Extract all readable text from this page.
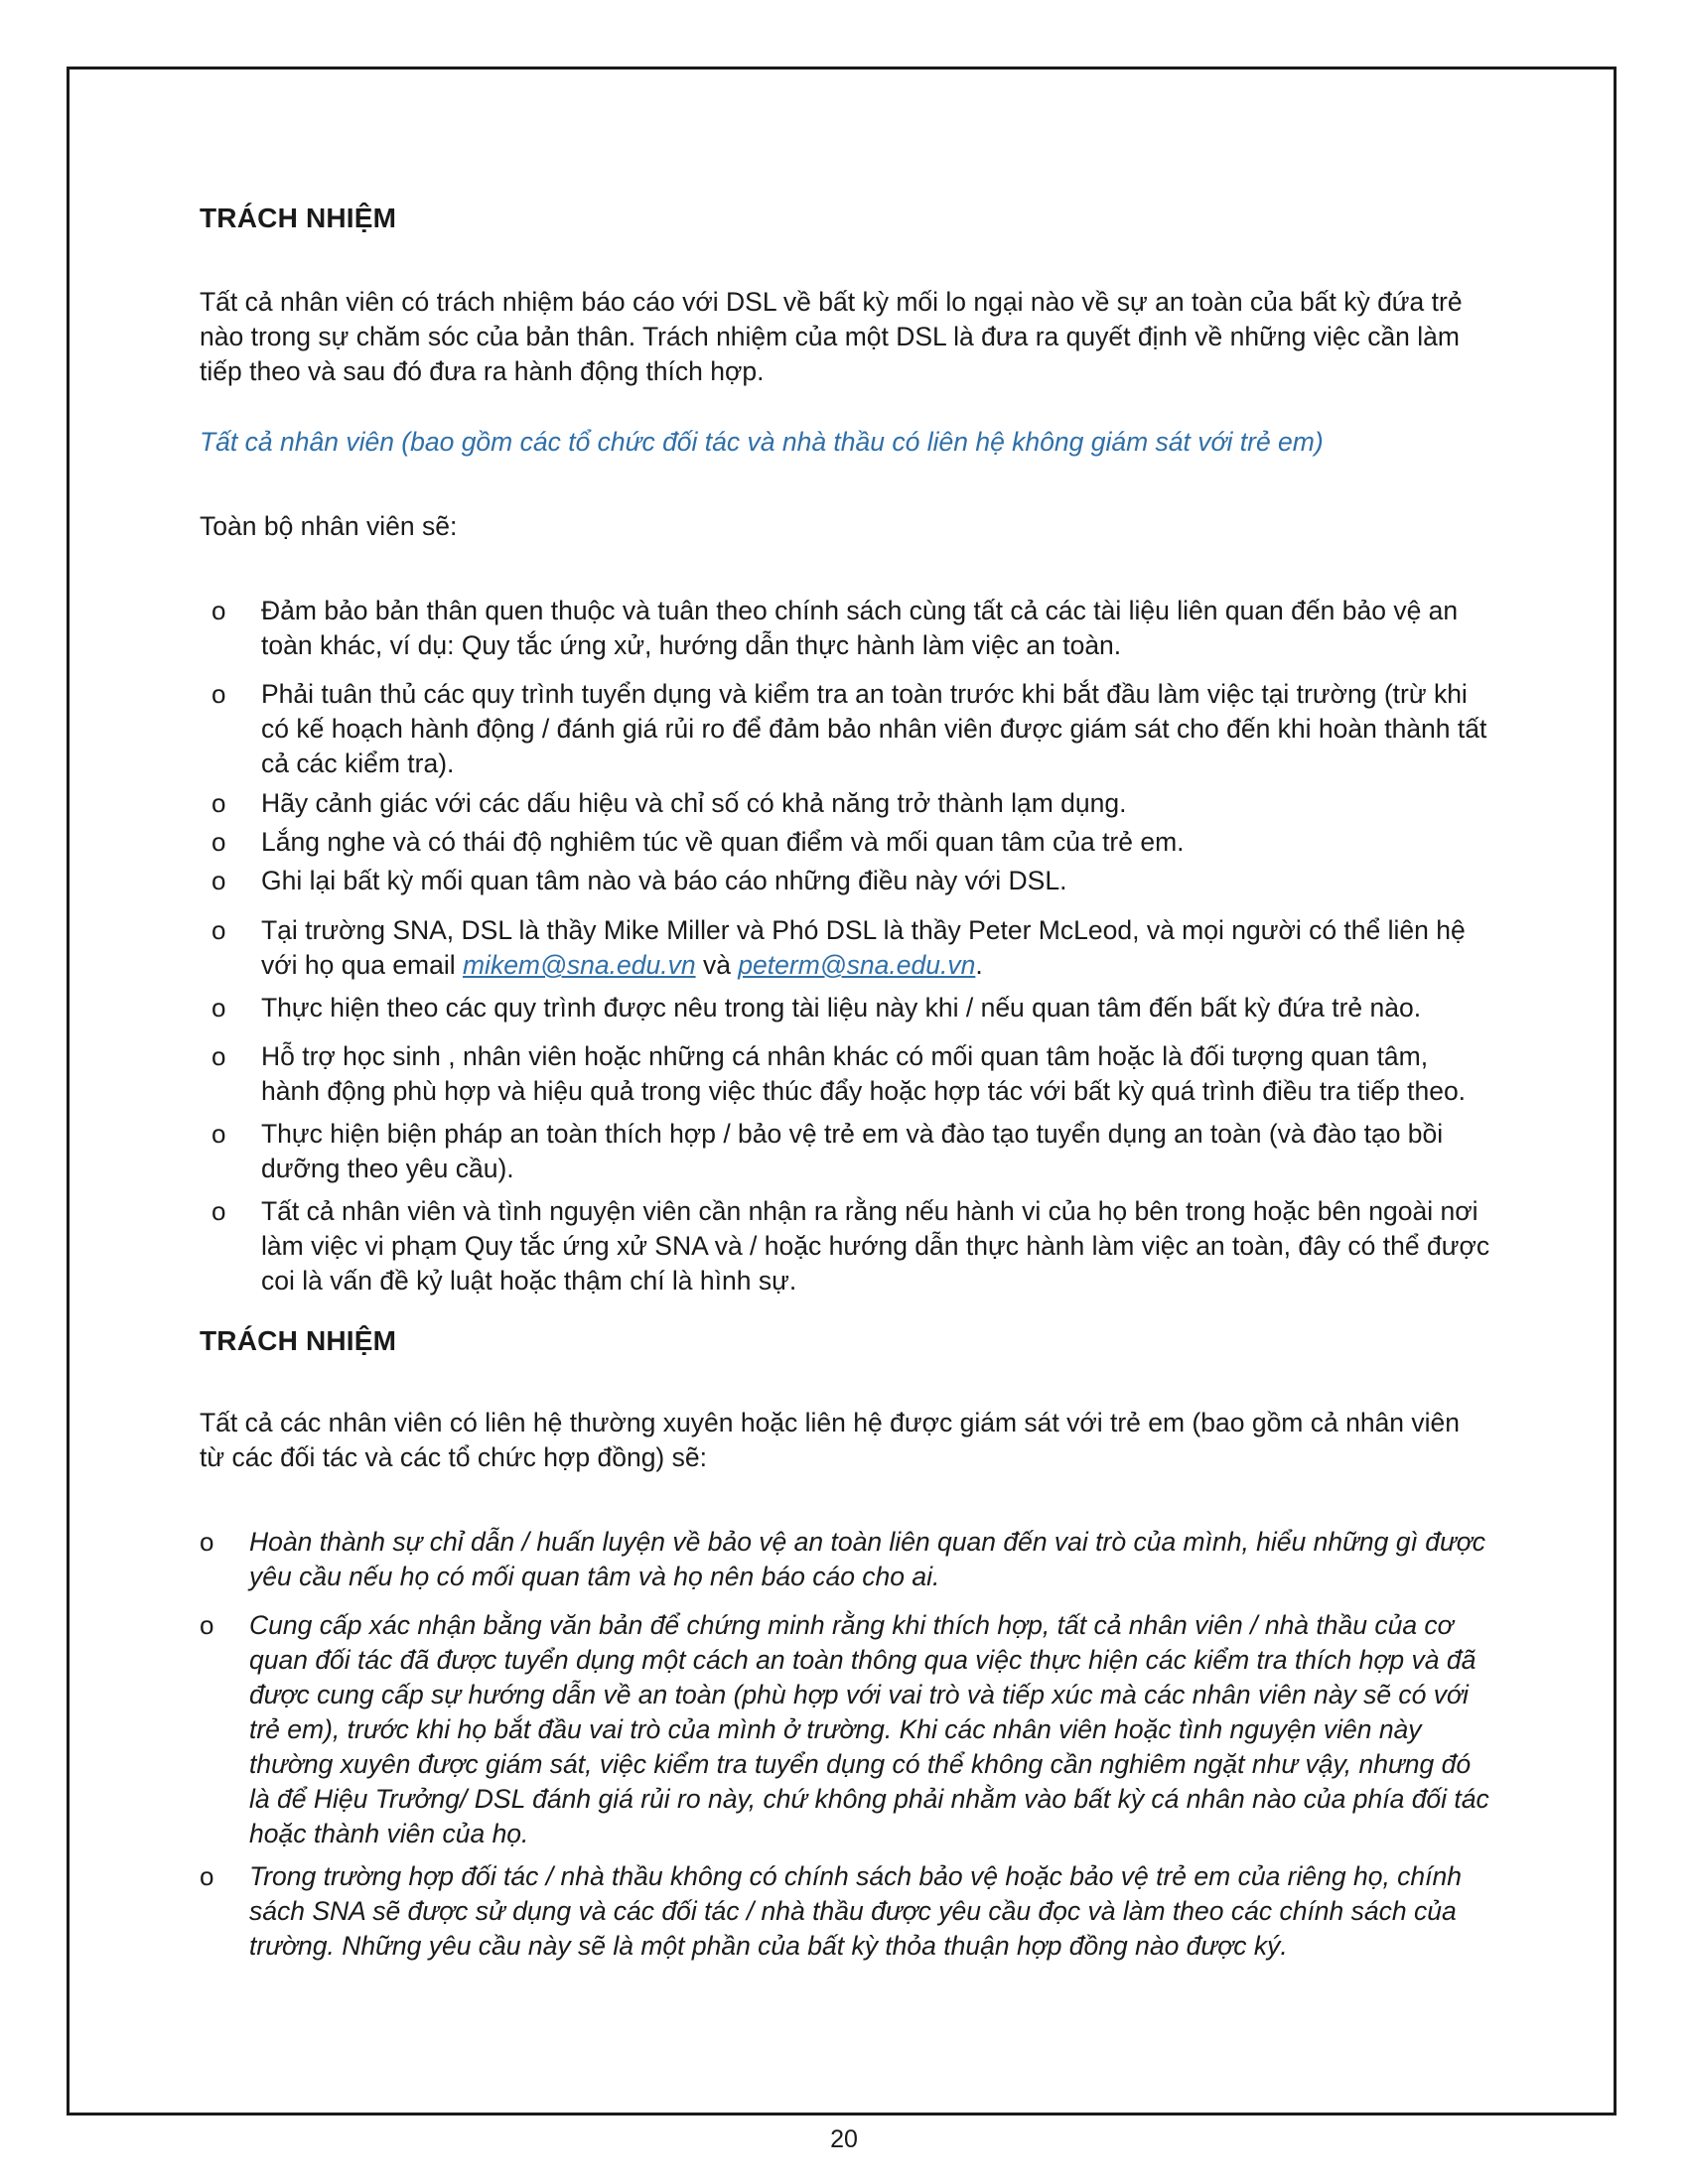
TRÁCH NHIỆM

Tất cả nhân viên có trách nhiệm báo cáo với DSL về bất kỳ mối lo ngại nào về sự an toàn của bất kỳ đứa trẻ nào trong sự chăm sóc của bản thân. Trách nhiệm của một DSL là đưa ra quyết định về những việc cần làm tiếp theo và sau đó đưa ra hành động thích hợp.

Tất cả nhân viên (bao gồm các tổ chức đối tác và nhà thầu có liên hệ không giám sát với trẻ em)

Toàn bộ nhân viên sẽ:

o Đảm bảo bản thân quen thuộc và tuân theo chính sách cùng tất cả các tài liệu liên quan đến bảo vệ an toàn khác, ví dụ: Quy tắc ứng xử, hướng dẫn thực hành làm việc an toàn.
o Phải tuân thủ các quy trình tuyển dụng và kiểm tra an toàn trước khi bắt đầu làm việc tại trường (trừ khi có kế hoạch hành động / đánh giá rủi ro để đảm bảo nhân viên được giám sát cho đến khi hoàn thành tất cả các kiểm tra).
o Hãy cảnh giác với các dấu hiệu và chỉ số có khả năng trở thành lạm dụng.
o Lắng nghe và có thái độ nghiêm túc về quan điểm và mối quan tâm của trẻ em.
o Ghi lại bất kỳ mối quan tâm nào và báo cáo những điều này với DSL.
o Tại trường SNA, DSL là thầy Mike Miller và Phó DSL là thầy Peter McLeod, và mọi người có thể liên hệ với họ qua email mikem@sna.edu.vn và peterm@sna.edu.vn.
o Thực hiện theo các quy trình được nêu trong tài liệu này khi / nếu quan tâm đến bất kỳ đứa trẻ nào.
o Hỗ trợ học sinh , nhân viên hoặc những cá nhân khác có mối quan tâm hoặc là đối tượng quan tâm, hành động phù hợp và hiệu quả trong việc thúc đẩy hoặc hợp tác với bất kỳ quá trình điều tra tiếp theo.
o Thực hiện biện pháp an toàn thích hợp / bảo vệ trẻ em và đào tạo tuyển dụng an toàn (và đào tạo bồi dưỡng theo yêu cầu).
o Tất cả nhân viên và tình nguyện viên cần nhận ra rằng nếu hành vi của họ bên trong hoặc bên ngoài nơi làm việc vi phạm Quy tắc ứng xử SNA và / hoặc hướng dẫn thực hành làm việc an toàn, đây có thể được coi là vấn đề kỷ luật hoặc thậm chí là hình sự.
TRÁCH NHIỆM

Tất cả các nhân viên có liên hệ thường xuyên hoặc liên hệ được giám sát với trẻ em (bao gồm cả nhân viên từ các đối tác và các tổ chức hợp đồng) sẽ:

o Hoàn thành sự chỉ dẫn / huấn luyện về bảo vệ an toàn liên quan đến vai trò của mình, hiểu những gì được yêu cầu nếu họ có mối quan tâm và họ nên báo cáo cho ai.
o Cung cấp xác nhận bằng văn bản để chứng minh rằng khi thích hợp, tất cả nhân viên / nhà thầu của cơ quan đối tác đã được tuyển dụng một cách an toàn thông qua việc thực hiện các kiểm tra thích hợp và đã được cung cấp sự hướng dẫn về an toàn (phù hợp với vai trò và tiếp xúc mà các nhân viên này sẽ có với trẻ em), trước khi họ bắt đầu vai trò của mình ở trường. Khi các nhân viên hoặc tình nguyện viên này thường xuyên được giám sát, việc kiểm tra tuyển dụng có thể không cần nghiêm ngặt như vậy, nhưng đó là để Hiệu Trưởng/ DSL đánh giá rủi ro này, chứ không phải nhằm vào bất kỳ cá nhân nào của phía đối tác hoặc thành viên của họ.
o Trong trường hợp đối tác / nhà thầu không có chính sách bảo vệ hoặc bảo vệ trẻ em của riêng họ, chính sách SNA sẽ được sử dụng và các đối tác / nhà thầu được yêu cầu đọc và làm theo các chính sách của trường. Những yêu cầu này sẽ là một phần của bất kỳ thỏa thuận hợp đồng nào được ký.
20
